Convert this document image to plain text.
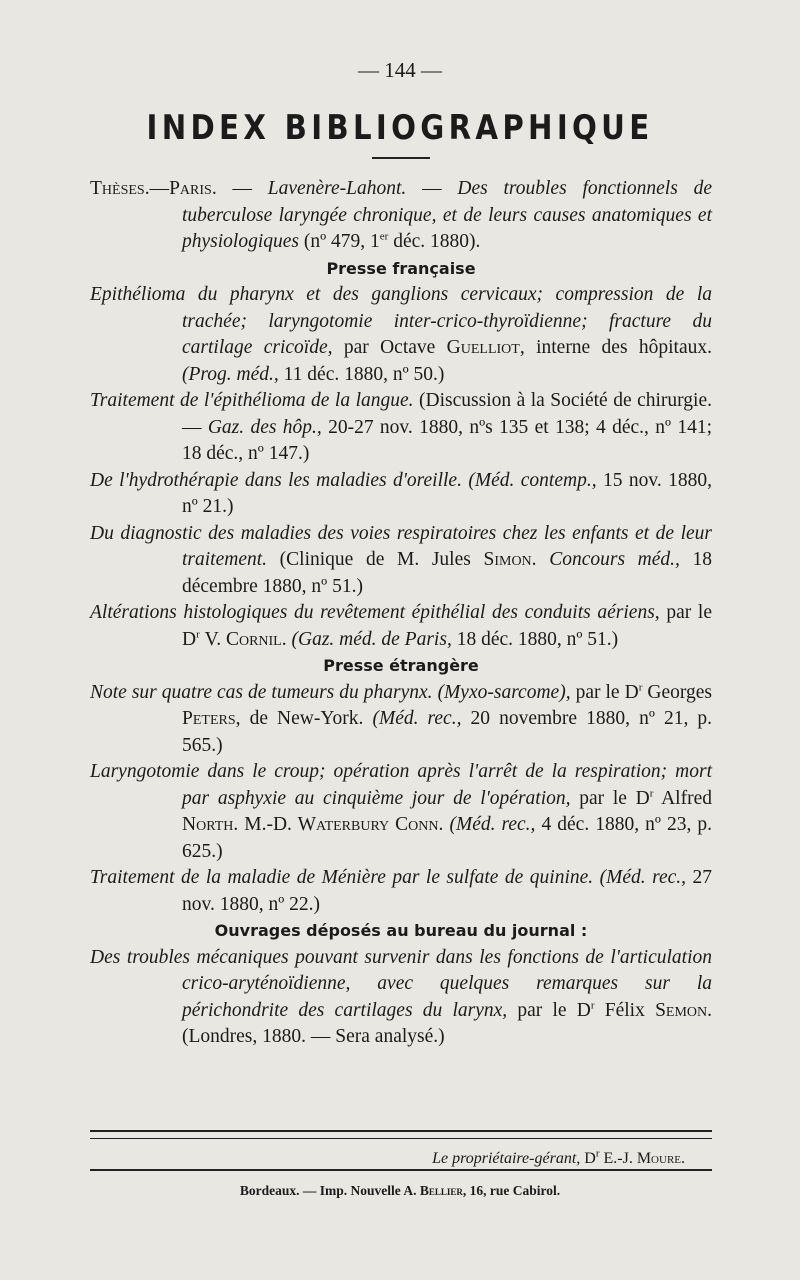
— 144 —
INDEX BIBLIOGRAPHIQUE

Thèses.—Paris. — Lavenère-Lahont. — Des troubles fonctionnels de tuberculose laryngée chronique, et de leurs causes anatomiques et physiologiques (nº 479, 1er déc. 1880).

Presse française

Epithélioma du pharynx et des ganglions cervicaux; compression de la trachée; laryngotomie inter-crico-thyroïdienne; fracture du cartilage cricoïde, par Octave Guelliot, interne des hôpitaux. (Prog. méd., 11 déc. 1880, nº 50.)

Traitement de l'épithélioma de la langue. (Discussion à la Société de chirurgie. — Gaz. des hôp., 20-27 nov. 1880, nºs 135 et 138; 4 déc., nº 141; 18 déc., nº 147.)

De l'hydrothérapie dans les maladies d'oreille. (Méd. contemp., 15 nov. 1880, nº 21.)

Du diagnostic des maladies des voies respiratoires chez les enfants et de leur traitement. (Clinique de M. Jules Simon. Concours méd., 18 décembre 1880, nº 51.)

Altérations histologiques du revêtement épithélial des conduits aériens, par le $D^r$ V. Cornil. (Gaz. méd. de Paris, 18 déc. 1880, nº 51.)

Presse étrangère

Note sur quatre cas de tumeurs du pharynx. (Myxo-sarcome), par le $D^r$ Georges Peters, de New-York. (Méd. rec., 20 novembre 1880, nº 21, p. 565.)

Laryngotomie dans le croup; opération après l'arrêt de la respiration; mort par asphyxie au cinquième jour de l'opération, par le $D^r$ Alfred North. M.-D. Waterbury Conn. (Méd. rec., 4 déc. 1880, nº 23, p. 625.)

Traitement de la maladie de Ménière par le sulfate de quinine. (Méd. rec., 27 nov. 1880, nº 22.)

Ouvrages déposés au bureau du journal :

Des troubles mécaniques pouvant survenir dans les fonctions de l'articulation crico-aryténoïdienne, avec quelques remarques sur la périchondrite des cartilages du larynx, par le $D^r$ Félix Semon. (Londres, 1880. — Sera analysé.)

Le propriétaire-gérant, $D^r$ E.-J. Moure.
Bordeaux. — Imp. Nouvelle A. Bellier, 16, rue Cabirol.
